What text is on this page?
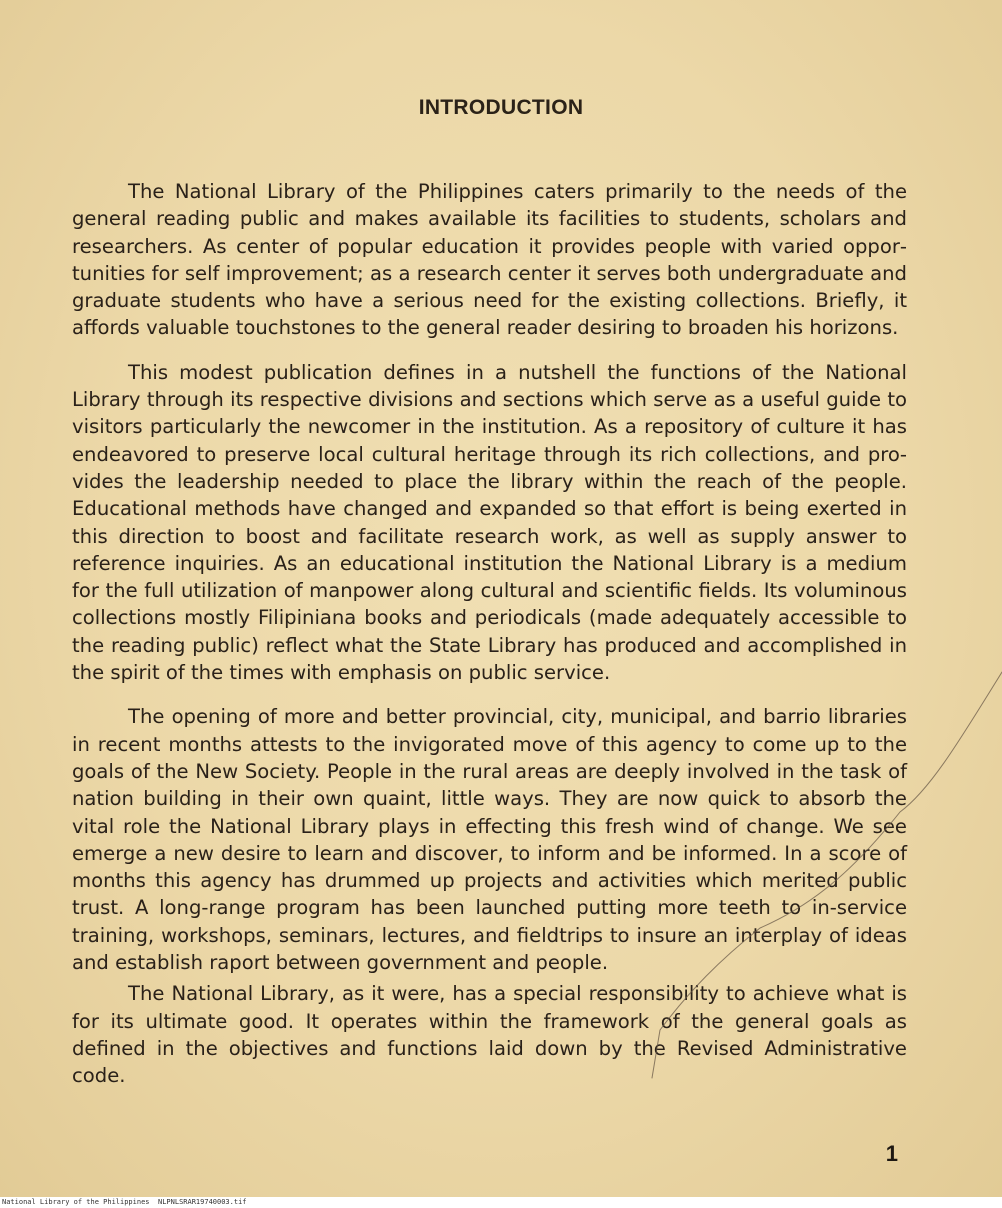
INTRODUCTION

The National Library of the Philippines caters primarily to the needs of the general reading public and makes available its facilities to students, scholars and researchers. As center of popular education it provides people with varied opportunities for self improvement; as a research center it serves both undergraduate and graduate students who have a serious need for the existing collections. Briefly, it affords valuable touchstones to the general reader desiring to broaden his horizons.

This modest publication defines in a nutshell the functions of the National Library through its respective divisions and sections which serve as a useful guide to visitors particularly the newcomer in the institution. As a repository of culture it has endeavored to preserve local cultural heritage through its rich collections, and provides the leadership needed to place the library within the reach of the people. Educational methods have changed and expanded so that effort is being exerted in this direction to boost and facilitate research work, as well as supply answer to reference inquiries. As an educational institution the National Library is a medium for the full utilization of manpower along cultural and scientific fields. Its voluminous collections mostly Filipiniana books and periodicals (made adequately accessible to the reading public) reflect what the State Library has produced and accomplished in the spirit of the times with emphasis on public service.

The opening of more and better provincial, city, municipal, and barrio libraries in recent months attests to the invigorated move of this agency to come up to the goals of the New Society. People in the rural areas are deeply involved in the task of nation building in their own quaint, little ways. They are now quick to absorb the vital role the National Library plays in effecting this fresh wind of change. We see emerge a new desire to learn and discover, to inform and be informed. In a score of months this agency has drummed up projects and activities which merited public trust. A long-range program has been launched putting more teeth to in-service training, workshops, seminars, lectures, and fieldtrips to insure an interplay of ideas and establish raport between government and people.

The National Library, as it were, has a special responsibility to achieve what is for its ultimate good. It operates within the framework of the general goals as defined in the objectives and functions laid down by the Revised Administrative code.

1
National Library of the Philippines NLPNLSRAR19740003.tif
